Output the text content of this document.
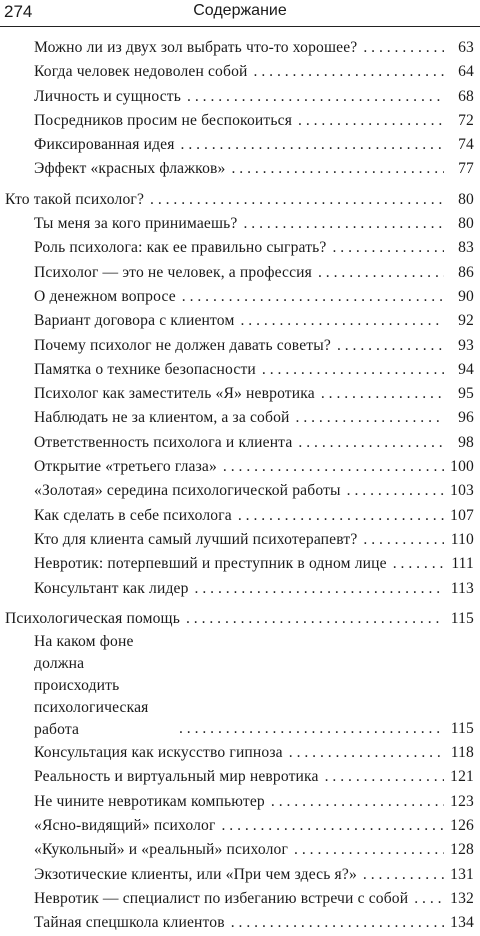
274	Содержание
Можно ли из двух зол выбрать что-то хорошее? . . .	63
Когда человек недоволен собой . . .	64
Личность и сущность . . .	68
Посредников просим не беспокоиться . . .	72
Фиксированная идея . . .	74
Эффект «красных флажков» . . .	77
Кто такой психолог? . . .	80
Ты меня за кого принимаешь? . . .	80
Роль психолога: как ее правильно сыграть? . . .	83
Психолог — это не человек, а профессия . . .	86
О денежном вопросе . . .	90
Вариант договора с клиентом . . .	92
Почему психолог не должен давать советы? . . .	93
Памятка о технике безопасности . . .	94
Психолог как заместитель «Я» невротика . . .	95
Наблюдать не за клиентом, а за собой . . .	96
Ответственность психолога и клиента . . .	98
Открытие «третьего глаза» . . .	100
«Золотая» середина психологической работы . . .	103
Как сделать в себе психолога . . .	107
Кто для клиента самый лучший психотерапевт? . . .	110
Невротик: потерпевший и преступник в одном лице . . .	111
Консультант как лидер . . .	113
Психологическая помощь . . .	115
На каком фоне должна происходить психологическая работа . . .	115
Консультация как искусство гипноза . . .	118
Реальность и виртуальный мир невротика . . .	121
Не чините невротикам компьютер . . .	123
«Ясно-видящий» психолог . . .	126
«Кукольный» и «реальный» психолог . . .	128
Экзотические клиенты, или «При чем здесь я?» . . .	131
Невротик — специалист по избеганию встречи с собой . . .	132
Тайная спецшкола клиентов . . .	134
